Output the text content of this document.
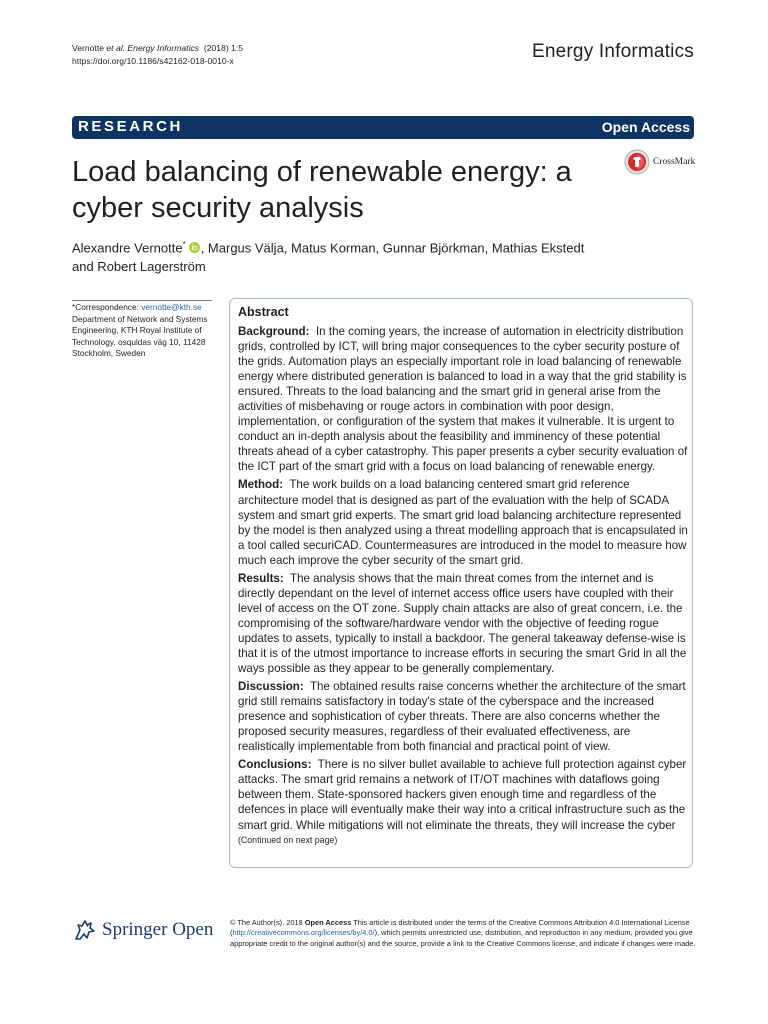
Vernotte et al. Energy Informatics (2018) 1:5
https://doi.org/10.1186/s42162-018-0010-x	Energy Informatics
RESEARCH	Open Access
Load balancing of renewable energy: a cyber security analysis
CrossMark
Alexandre Vernotte* , Margus Välja, Matus Korman, Gunnar Björkman, Mathias Ekstedt
and Robert Lagerström
*Correspondence: vernotte@kth.se
Department of Network and Systems Engineering, KTH Royal Institute of Technology, osquldas väg 10, 11428 Stockholm, Sweden
Abstract

Background: In the coming years, the increase of automation in electricity distribution grids, controlled by ICT, will bring major consequences to the cyber security posture of the grids. Automation plays an especially important role in load balancing of renewable energy where distributed generation is balanced to load in a way that the grid stability is ensured. Threats to the load balancing and the smart grid in general arise from the activities of misbehaving or rouge actors in combination with poor design, implementation, or configuration of the system that makes it vulnerable. It is urgent to conduct an in-depth analysis about the feasibility and imminency of these potential threats ahead of a cyber catastrophy. This paper presents a cyber security evaluation of the ICT part of the smart grid with a focus on load balancing of renewable energy.

Method: The work builds on a load balancing centered smart grid reference architecture model that is designed as part of the evaluation with the help of SCADA system and smart grid experts. The smart grid load balancing architecture represented by the model is then analyzed using a threat modelling approach that is encapsulated in a tool called securiCAD. Countermeasures are introduced in the model to measure how much each improve the cyber security of the smart grid.

Results: The analysis shows that the main threat comes from the internet and is directly dependant on the level of internet access office users have coupled with their level of access on the OT zone. Supply chain attacks are also of great concern, i.e. the compromising of the software/hardware vendor with the objective of feeding rogue updates to assets, typically to install a backdoor. The general takeaway defense-wise is that it is of the utmost importance to increase efforts in securing the smart Grid in all the ways possible as they appear to be generally complementary.

Discussion: The obtained results raise concerns whether the architecture of the smart grid still remains satisfactory in today's state of the cyberspace and the increased presence and sophistication of cyber threats. There are also concerns whether the proposed security measures, regardless of their evaluated effectiveness, are realistically implementable from both financial and practical point of view.

Conclusions: There is no silver bullet available to achieve full protection against cyber attacks. The smart grid remains a network of IT/OT machines with dataflows going between them. State-sponsored hackers given enough time and regardless of the defences in place will eventually make their way into a critical infrastructure such as the smart grid. While mitigations will not eliminate the threats, they will increase the cyber

(Continued on next page)
Springer Open © The Author(s). 2018 Open Access This article is distributed under the terms of the Creative Commons Attribution 4.0 International License (http://creativecommons.org/licenses/by/4.0/), which permits unrestricted use, distribution, and reproduction in any medium, provided you give appropriate credit to the original author(s) and the source, provide a link to the Creative Commons license, and indicate if changes were made.
